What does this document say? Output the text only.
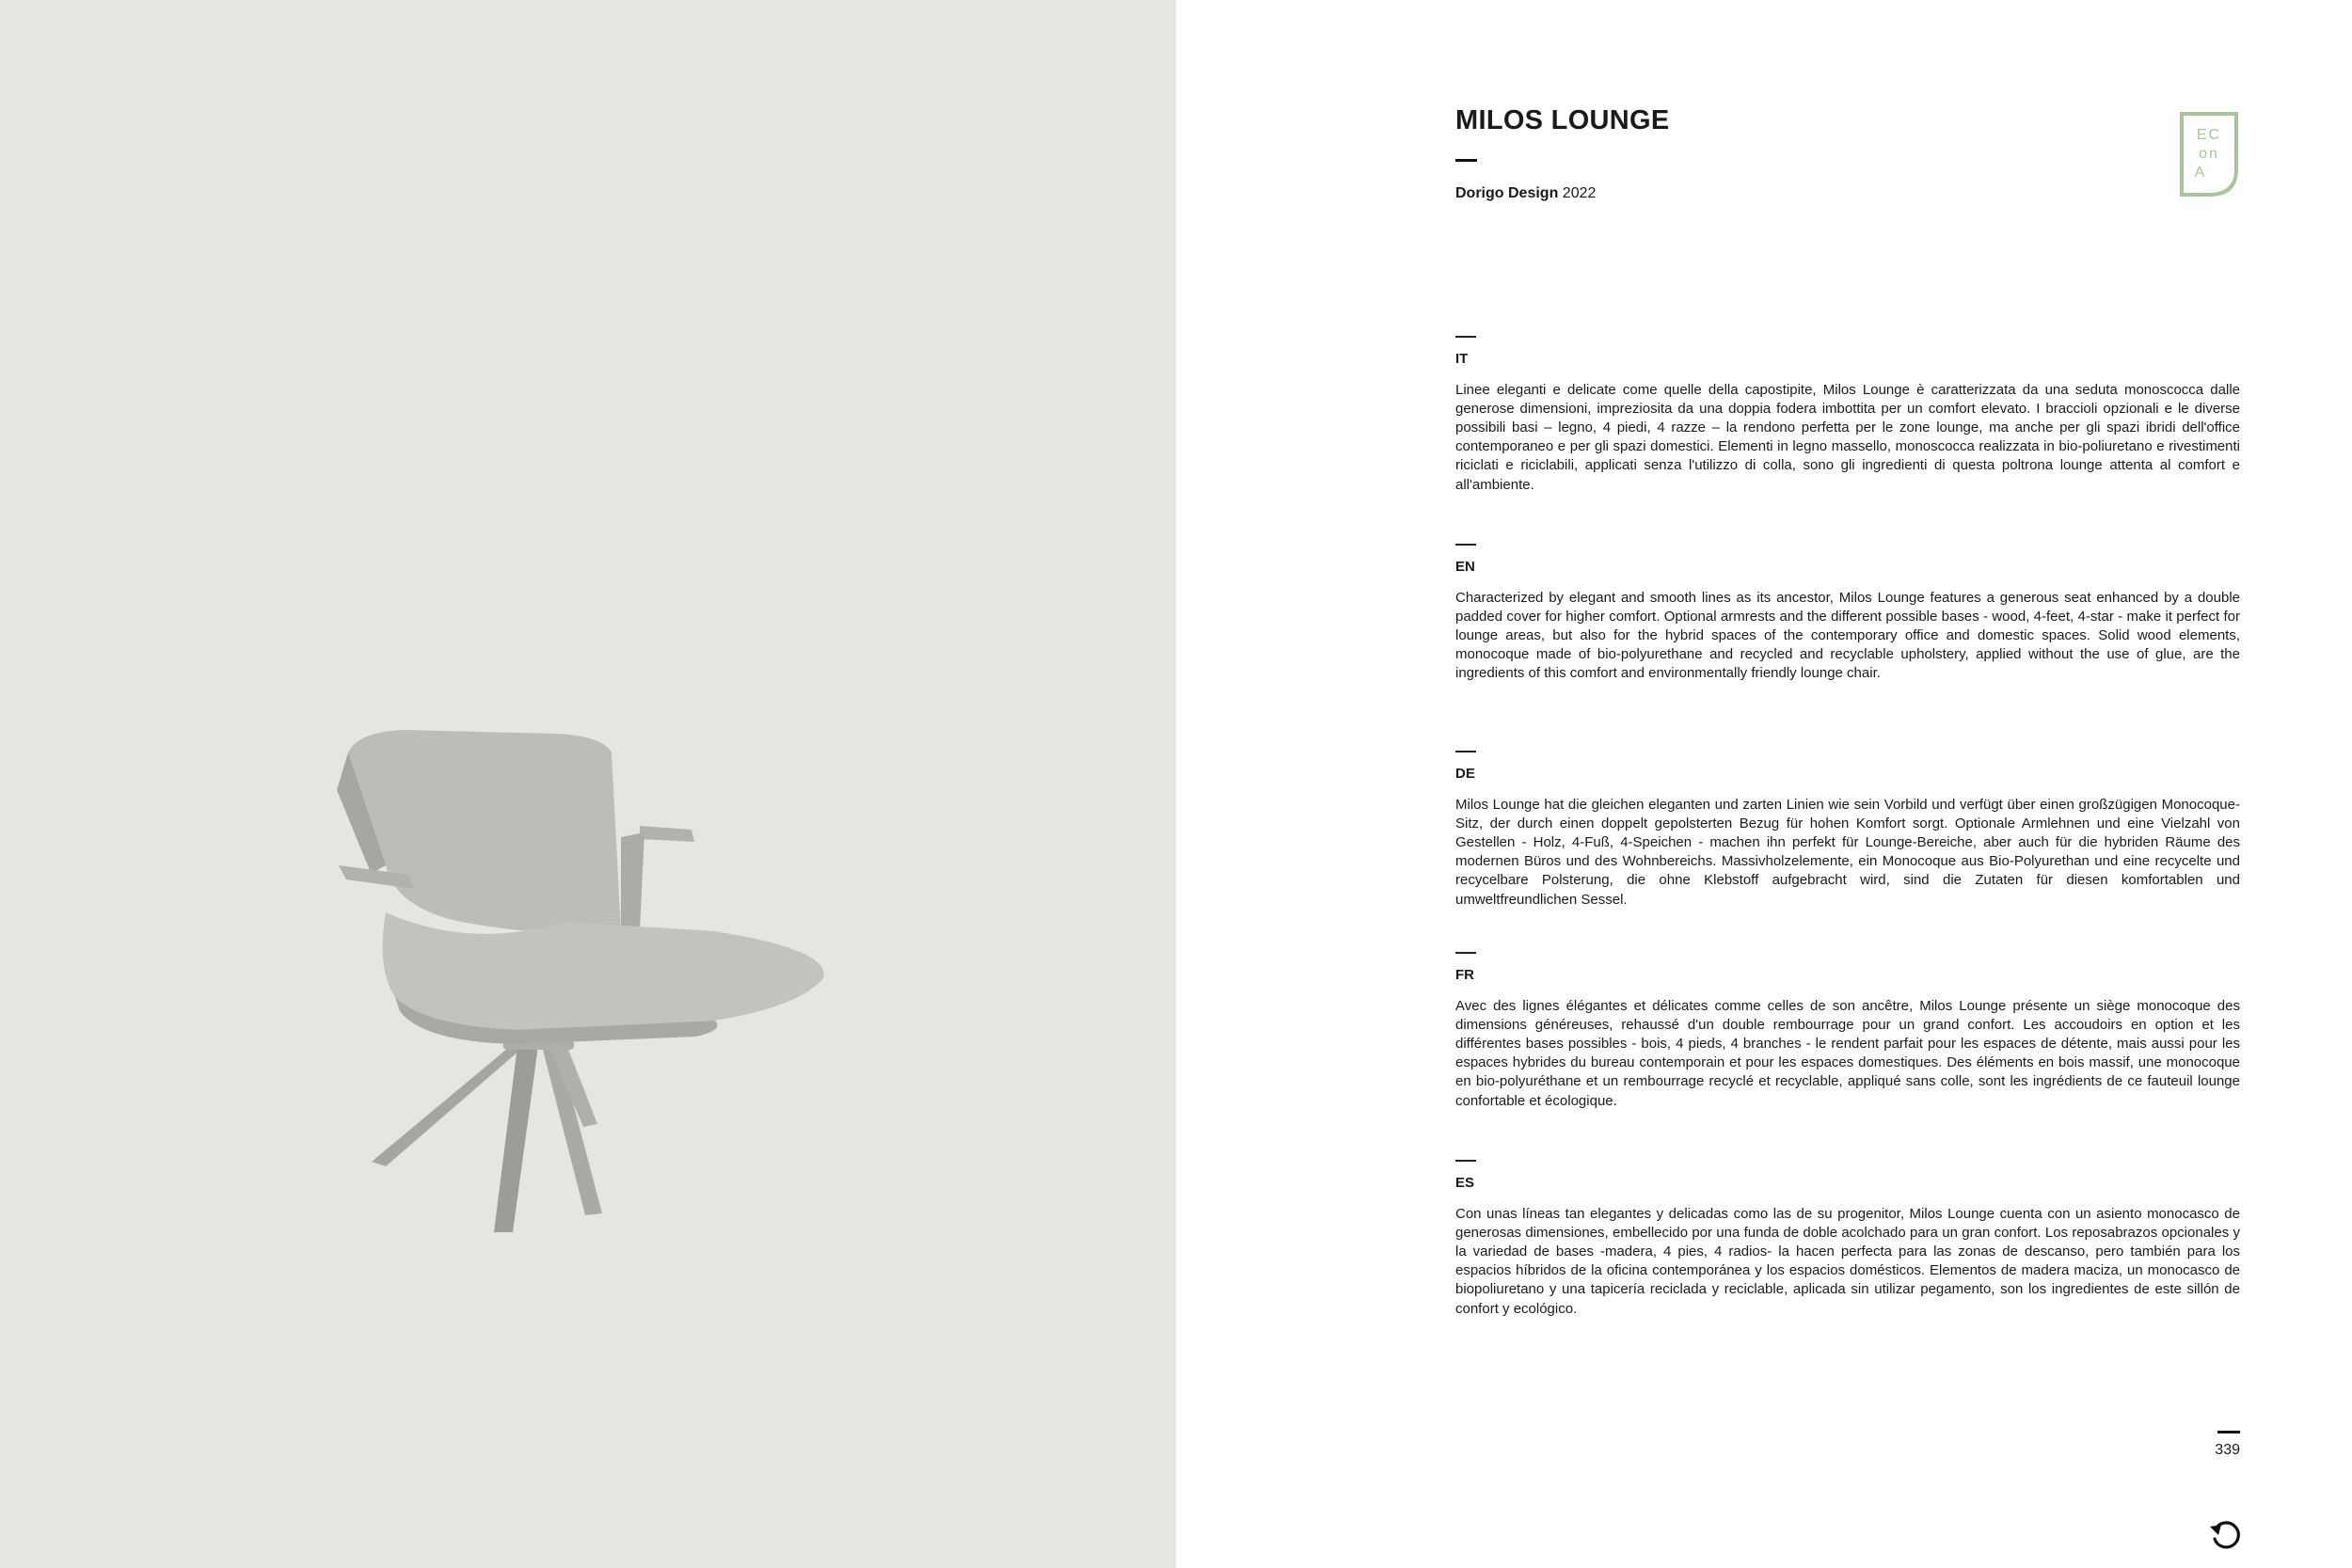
MILOS LOUNGE
Dorigo Design 2022
EC
on
A
IT

Linee eleganti e delicate come quelle della capostipite, Milos Lounge è caratterizzata da una seduta monoscocca dalle generose dimensioni, impreziosita da una doppia fodera imbottita per un comfort elevato. I braccioli opzionali e le diverse possibili basi – legno, 4 piedi, 4 razze – la rendono perfetta per le zone lounge, ma anche per gli spazi ibridi dell'office contemporaneo e per gli spazi domestici. Elementi in legno massello, monoscocca realizzata in bio-poliuretano e rivestimenti riciclati e riciclabili, applicati senza l'utilizzo di colla, sono gli ingredienti di questa poltrona lounge attenta al comfort e all'ambiente.

EN

Characterized by elegant and smooth lines as its ancestor, Milos Lounge features a generous seat enhanced by a double padded cover for higher comfort. Optional armrests and the different possible bases - wood, 4-feet, 4-star - make it perfect for lounge areas, but also for the hybrid spaces of the contemporary office and domestic spaces. Solid wood elements, monocoque made of bio-polyurethane and recycled and recyclable upholstery, applied without the use of glue, are the ingredients of this comfort and environmentally friendly lounge chair.

DE

Milos Lounge hat die gleichen eleganten und zarten Linien wie sein Vorbild und verfügt über einen großzügigen Monocoque-Sitz, der durch einen doppelt gepolsterten Bezug für hohen Komfort sorgt. Optionale Armlehnen und eine Vielzahl von Gestellen - Holz, 4-Fuß, 4-Speichen - machen ihn perfekt für Lounge-Bereiche, aber auch für die hybriden Räume des modernen Büros und des Wohnbereichs. Massivholzelemente, ein Monocoque aus Bio-Polyurethan und eine recycelte und recycelbare Polsterung, die ohne Klebstoff aufgebracht wird, sind die Zutaten für diesen komfortablen und umweltfreundlichen Sessel.

FR

Avec des lignes élégantes et délicates comme celles de son ancêtre, Milos Lounge présente un siège monocoque des dimensions généreuses, rehaussé d'un double rembourrage pour un grand confort. Les accoudoirs en option et les différentes bases possibles - bois, 4 pieds, 4 branches - le rendent parfait pour les espaces de détente, mais aussi pour les espaces hybrides du bureau contemporain et pour les espaces domestiques. Des éléments en bois massif, une monocoque en bio-polyuréthane et un rembourrage recyclé et recyclable, appliqué sans colle, sont les ingrédients de ce fauteuil lounge confortable et écologique.

ES

Con unas líneas tan elegantes y delicadas como las de su progenitor, Milos Lounge cuenta con un asiento monocasco de generosas dimensiones, embellecido por una funda de doble acolchado para un gran confort. Los reposabrazos opcionales y la variedad de bases -madera, 4 pies, 4 radios- la hacen perfecta para las zonas de descanso, pero también para los espacios híbridos de la oficina contemporánea y los espacios domésticos. Elementos de madera maciza, un monocasco de biopoliuretano y una tapicería reciclada y reciclable, aplicada sin utilizar pegamento, son los ingredientes de este sillón de confort y ecológico.

339
